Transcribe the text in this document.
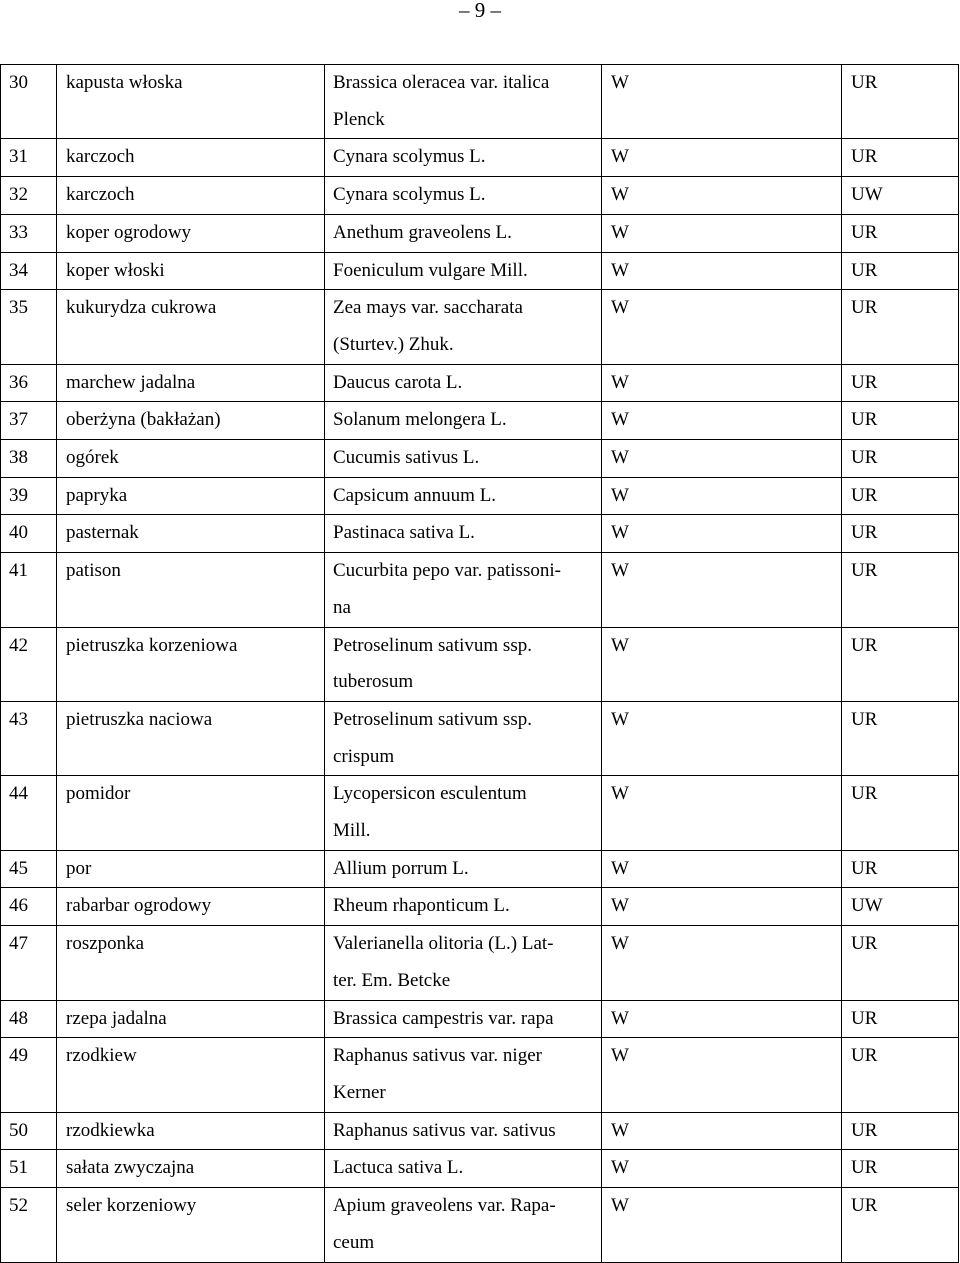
– 9 –
30	kapusta włoska	Brassica oleracea var. italica
Plenck	W	UR
31	karczoch	Cynara scolymus L.	W	UR
32	karczoch	Cynara scolymus L.	W	UW
33	koper ogrodowy	Anethum graveolens L.	W	UR
34	koper włoski	Foeniculum vulgare Mill.	W	UR
35	kukurydza cukrowa	Zea mays var. saccharata
(Sturtev.) Zhuk.	W	UR
36	marchew jadalna	Daucus carota L.	W	UR
37	oberżyna (bakłażan)	Solanum melongera L.	W	UR
38	ogórek	Cucumis sativus L.	W	UR
39	papryka	Capsicum annuum L.	W	UR
40	pasternak	Pastinaca sativa L.	W	UR
41	patison	Cucurbita pepo var. patissoni-
na	W	UR
42	pietruszka korzeniowa	Petroselinum sativum ssp.
tuberosum	W	UR
43	pietruszka naciowa	Petroselinum sativum ssp.
crispum	W	UR
44	pomidor	Lycopersicon esculentum
Mill.	W	UR
45	por	Allium porrum L.	W	UR
46	rabarbar ogrodowy	Rheum rhaponticum L.	W	UW
47	roszponka	Valerianella olitoria (L.) Lat-
ter. Em. Betcke	W	UR
48	rzepa jadalna	Brassica campestris var. rapa	W	UR
49	rzodkiew	Raphanus sativus var. niger
Kerner	W	UR
50	rzodkiewka	Raphanus sativus var. sativus	W	UR
51	sałata zwyczajna	Lactuca sativa L.	W	UR
52	seler korzeniowy	Apium graveolens var. Rapa-
ceum	W	UR
